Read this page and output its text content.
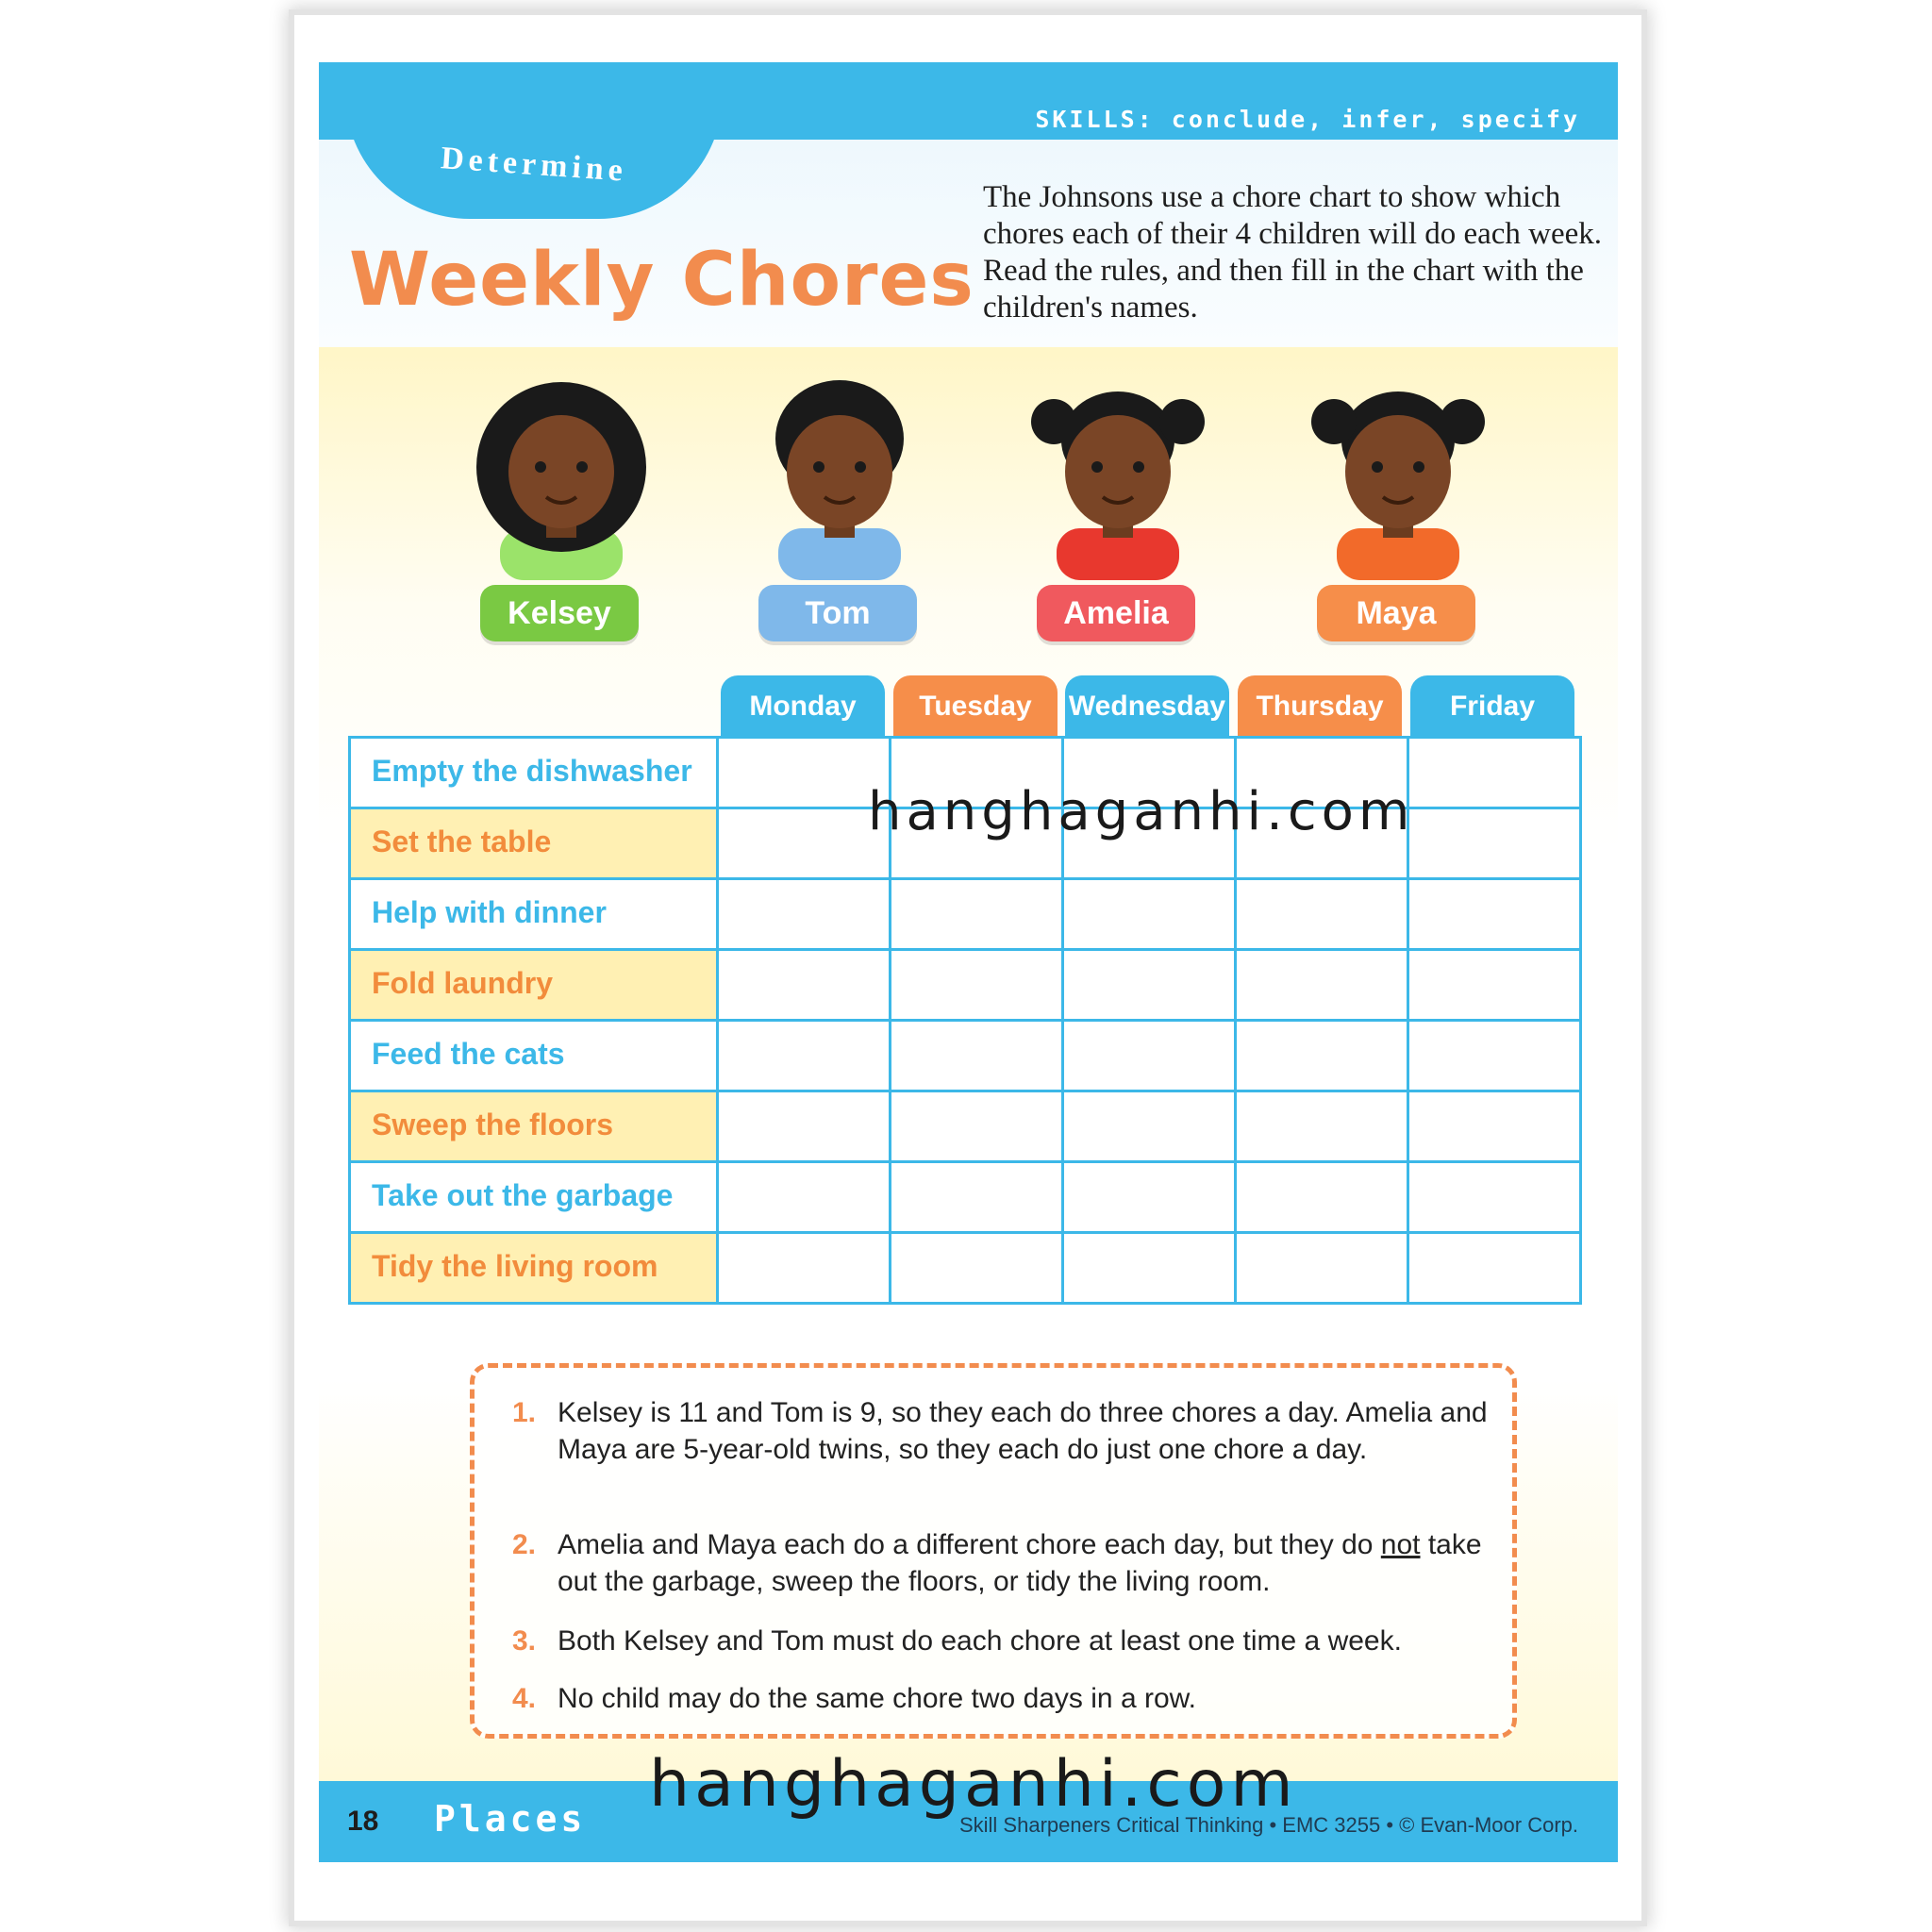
SKILLS: conclude, infer, specify
Determine
Weekly Chores
The Johnsons use a chore chart to show which chores each of their 4 children will do each week. Read the rules, and then fill in the chart with the children's names.
Kelsey	Tom	Amelia	Maya
Monday	Tuesday	Wednesday	Thursday	Friday
Empty the dishwasher
Set the table
Help with dinner
Fold laundry
Feed the cats
Sweep the floors
Take out the garbage
Tidy the living room
1. Kelsey is 11 and Tom is 9, so they each do three chores a day. Amelia and Maya are 5-year-old twins, so they each do just one chore a day.
2. Amelia and Maya each do a different chore each day, but they do not take out the garbage, sweep the floors, or tidy the living room.
3. Both Kelsey and Tom must do each chore at least one time a week.
4. No child may do the same chore two days in a row.
18 Places	Skill Sharpeners Critical Thinking • EMC 3255 • © Evan-Moor Corp.
hanghaganhi.com
hanghaganhi.com
